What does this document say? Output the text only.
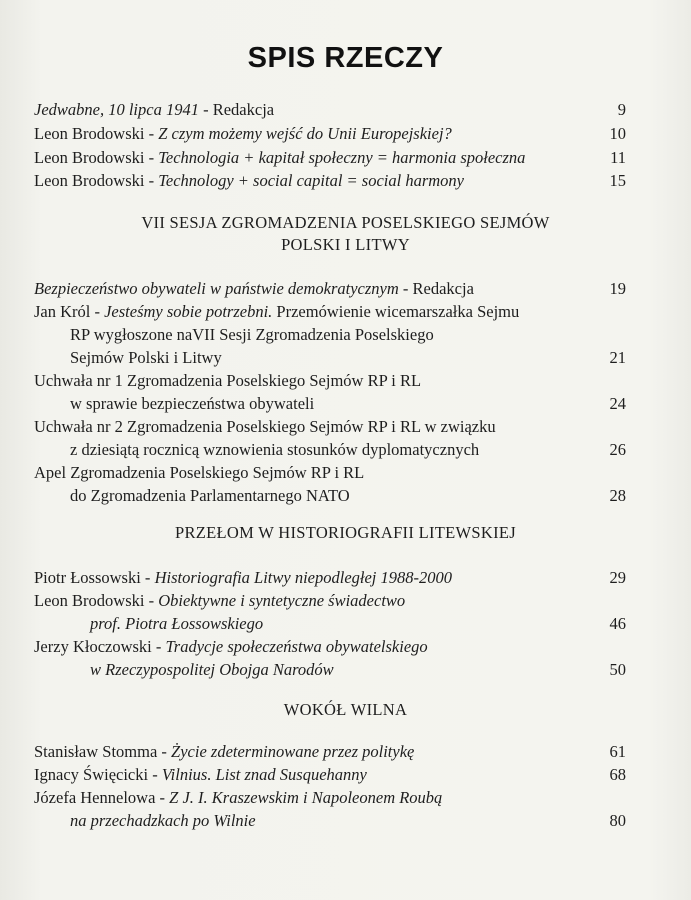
SPIS RZECZY
Jedwabne, 10 lipca 1941 - Redakcja	9
Leon Brodowski - Z czym możemy wejść do Unii Europejskiej?	10
Leon Brodowski - Technologia + kapitał społeczny = harmonia społeczna	11
Leon Brodowski - Technology + social capital = social harmony	15
VII SESJA ZGROMADZENIA POSELSKIEGO SEJMÓW
POLSKI I LITWY
Bezpieczeństwo obywateli w państwie demokratycznym - Redakcja	19
Jan Król - Jesteśmy sobie potrzebni. Przemówienie wicemarszałka Sejmu
RP wygłoszone naVII Sesji Zgromadzenia Poselskiego
Sejmów Polski i Litwy	21
Uchwała nr 1 Zgromadzenia Poselskiego Sejmów RP i RL
w sprawie bezpieczeństwa obywateli	24
Uchwała nr 2 Zgromadzenia Poselskiego Sejmów RP i RL w związku
z dziesiątą rocznicą wznowienia stosunków dyplomatycznych	26
Apel Zgromadzenia Poselskiego Sejmów RP i RL
do Zgromadzenia Parlamentarnego NATO	28
PRZEŁOM W HISTORIOGRAFII LITEWSKIEJ
Piotr Łossowski - Historiografia Litwy niepodległej 1988-2000	29
Leon Brodowski - Obiektywne i syntetyczne świadectwo
prof. Piotra Łossowskiego	46
Jerzy Kłoczowski - Tradycje społeczeństwa obywatelskiego
w Rzeczypospolitej Obojga Narodów	50
WOKÓŁ WILNA
Stanisław Stomma - Życie zdeterminowane przez politykę	61
Ignacy Święcicki - Vilnius. List znad Susquehanny	68
Józefa Hennelowa - Z J. I. Kraszewskim i Napoleonem Roubą
na przechadzkach po Wilnie	80
